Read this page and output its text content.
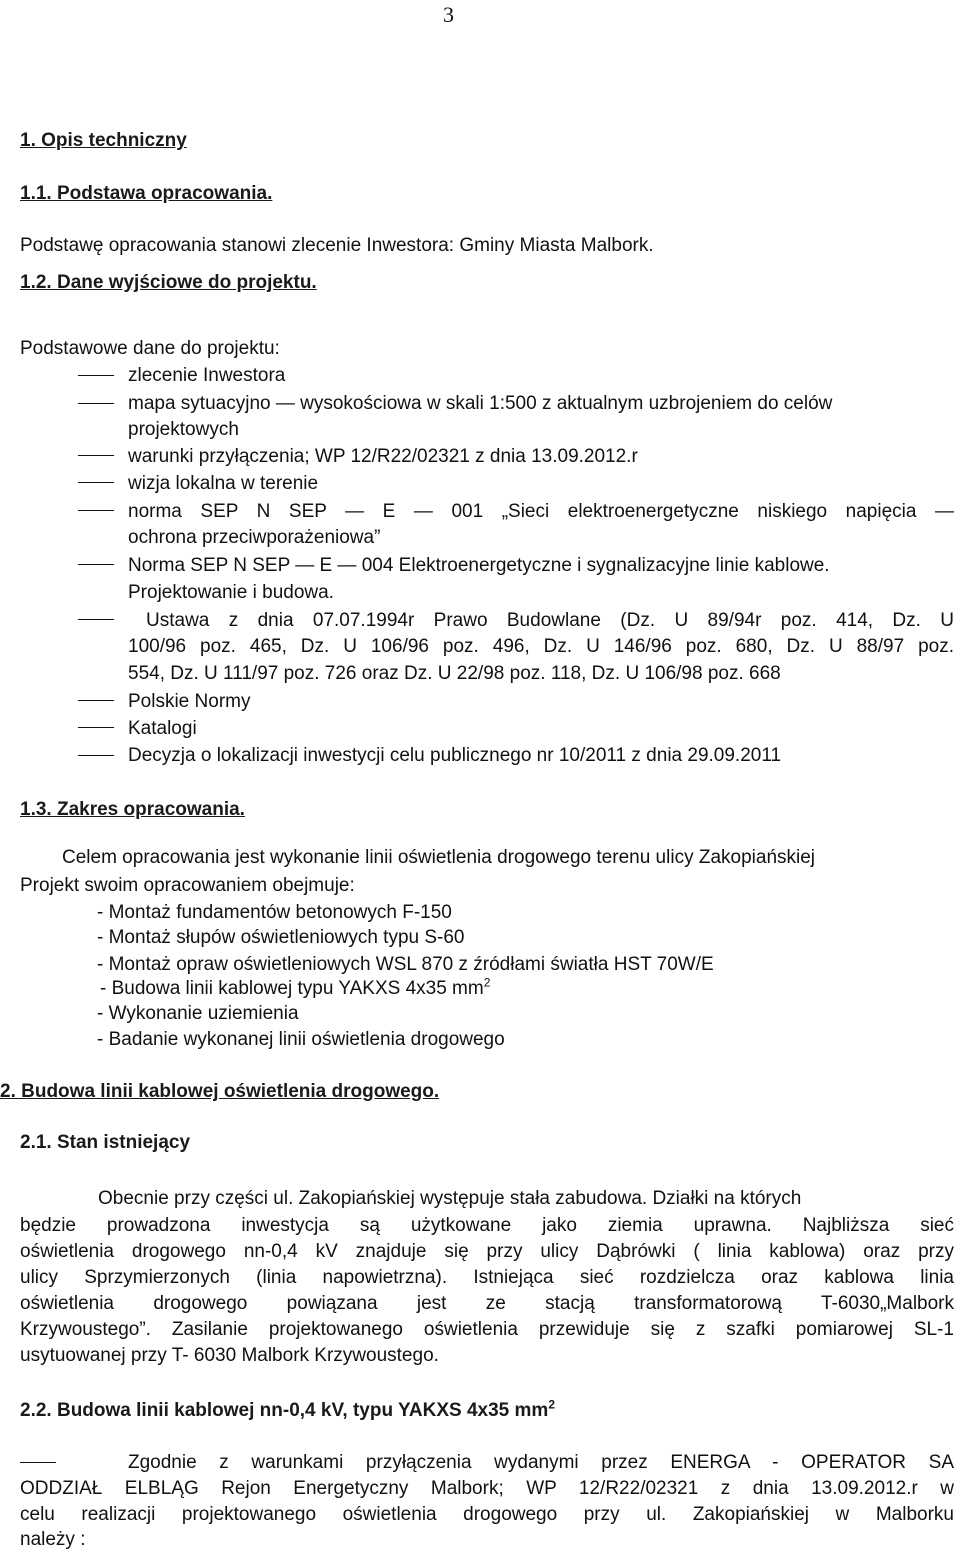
3
1. Opis techniczny
1.1. Podstawa opracowania.
Podstawę opracowania stanowi zlecenie Inwestora: Gminy Miasta Malbork.
1.2. Dane wyjściowe do projektu.
Podstawowe dane do projektu:
zlecenie Inwestora
mapa sytuacyjno — wysokościowa w skali 1:500 z aktualnym uzbrojeniem do celów
projektowych
warunki przyłączenia; WP 12/R22/02321 z dnia 13.09.2012.r
wizja lokalna w terenie
norma SEP N SEP — E — 001 „Sieci elektroenergetyczne niskiego napięcia —
ochrona przeciwporażeniowa”
Norma SEP N SEP — E — 004 Elektroenergetyczne i sygnalizacyjne linie kablowe.
Projektowanie i budowa.
Ustawa z dnia 07.07.1994r Prawo Budowlane (Dz. U 89/94r poz. 414, Dz. U
100/96 poz. 465, Dz. U 106/96 poz. 496, Dz. U 146/96 poz. 680, Dz. U 88/97 poz.
554, Dz. U 111/97 poz. 726 oraz Dz. U 22/98 poz. 118, Dz. U 106/98 poz. 668
Polskie Normy
Katalogi
Decyzja o lokalizacji inwestycji celu publicznego nr 10/2011 z dnia 29.09.2011
1.3. Zakres opracowania.
Celem opracowania jest wykonanie linii oświetlenia drogowego terenu ulicy Zakopiańskiej
Projekt swoim opracowaniem obejmuje:
- Montaż fundamentów betonowych F-150
- Montaż słupów oświetleniowych typu S-60
- Montaż opraw oświetleniowych WSL 870 z źródłami światła HST 70W/E
- Budowa linii kablowej typu YAKXS 4x35 $mm^2$
- Wykonanie uziemienia
- Badanie wykonanej linii oświetlenia drogowego
2. Budowa linii kablowej oświetlenia drogowego.
2.1. Stan istniejący
Obecnie przy części ul. Zakopiańskiej występuje stała zabudowa. Działki na których
będzie prowadzona inwestycja są użytkowane jako ziemia uprawna. Najbliższa sieć
oświetlenia drogowego nn-0,4 kV znajduje się przy ulicy Dąbrówki ( linia kablowa) oraz przy
ulicy Sprzymierzonych (linia napowietrzna). Istniejąca sieć rozdzielcza oraz kablowa linia
oświetlenia drogowego powiązana jest ze stacją transformatorową T-6030„Malbork
Krzywoustego”. Zasilanie projektowanego oświetlenia przewiduje się z szafki pomiarowej SL-1
usytuowanej przy T- 6030 Malbork Krzywoustego.
2.2. Budowa linii kablowej nn-0,4 kV, typu YAKXS 4x35 $mm^2$
Zgodnie z warunkami przyłączenia wydanymi przez ENERGA - OPERATOR SA
ODDZIAŁ ELBLĄG Rejon Energetyczny Malbork; WP 12/R22/02321 z dnia 13.09.2012.r w
celu realizacji projektowanego oświetlenia drogowego przy ul. Zakopiańskiej w Malborku
należy :
